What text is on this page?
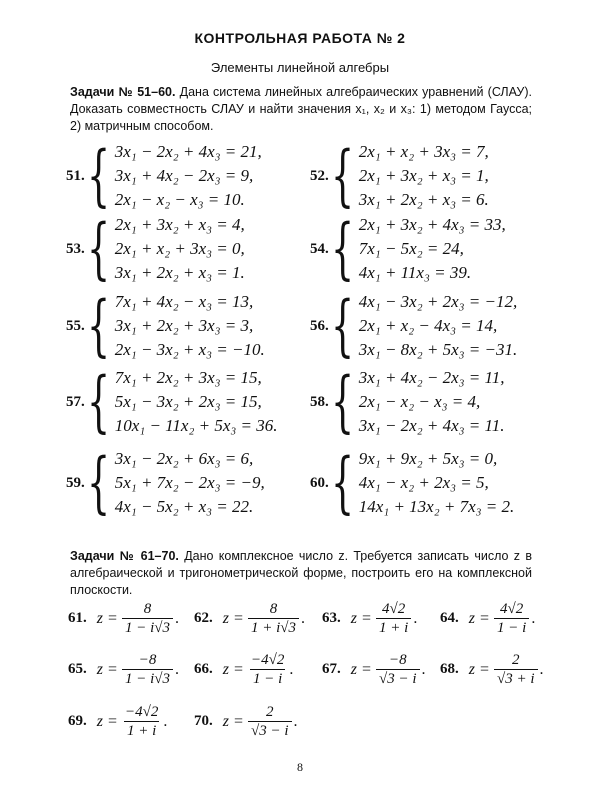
КОНТРОЛЬНАЯ РАБОТА № 2
Элементы линейной алгебры
Задачи № 51–60. Дана система линейных алгебраических уравнений (СЛАУ). Доказать совместность СЛАУ и найти значения x₁, x₂ и x₃: 1) методом Гаусса; 2) матричным способом.
51. { 3x₁ − 2x₂ + 4x₃ = 21,
3x₁ + 4x₂ − 2x₃ = 9,
2x₁ − x₂ − x₃ = 10.
52. { 2x₁ + x₂ + 3x₃ = 7,
2x₁ + 3x₂ + x₃ = 1,
3x₁ + 2x₂ + x₃ = 6.
53. { 2x₁ + 3x₂ + x₃ = 4,
2x₁ + x₂ + 3x₃ = 0,
3x₁ + 2x₂ + x₃ = 1.
54. { 2x₁ + 3x₂ + 4x₃ = 33,
7x₁ − 5x₂ = 24,
4x₁ + 11x₃ = 39.
55. { 7x₁ + 4x₂ − x₃ = 13,
3x₁ + 2x₂ + 3x₃ = 3,
2x₁ − 3x₂ + x₃ = −10.
56. { 4x₁ − 3x₂ + 2x₃ = −12,
2x₁ + x₂ − 4x₃ = 14,
3x₁ − 8x₂ + 5x₃ = −31.
57. { 7x₁ + 2x₂ + 3x₃ = 15,
5x₁ − 3x₂ + 2x₃ = 15,
10x₁ − 11x₂ + 5x₃ = 36.
58. { 3x₁ + 4x₂ − 2x₃ = 11,
2x₁ − x₂ − x₃ = 4,
3x₁ − 2x₂ + 4x₃ = 11.
59. { 3x₁ − 2x₂ + 6x₃ = 6,
5x₁ + 7x₂ − 2x₃ = −9,
4x₁ − 5x₂ + x₃ = 22.
60. { 9x₁ + 9x₂ + 5x₃ = 0,
4x₁ − x₂ + 2x₃ = 5,
14x₁ + 13x₂ + 7x₃ = 2.
Задачи № 61–70. Дано комплексное число z. Требуется записать число z в алгебраической и тригонометрической форме, построить его на комплексной плоскости.
61. $z = \frac{8}{1 - i√3}$ . 62. $z = \frac{8}{1 + i√3}$ . 63. $z = \frac{4√2}{1 + i}$ . 64. $z = \frac{4√2}{1 - i}$ .
65. $z = \frac{-8}{1 - i√3}$ . 66. $z = \frac{-4√2}{1 - i}$ . 67. $z = \frac{-8}{√3 - i}$ . 68. $z = \frac{2}{√3 + i}$ .
69. $z = \frac{-4√2}{1 + i}$ . 70. $z = \frac{2}{√3 - i}$ .
8
